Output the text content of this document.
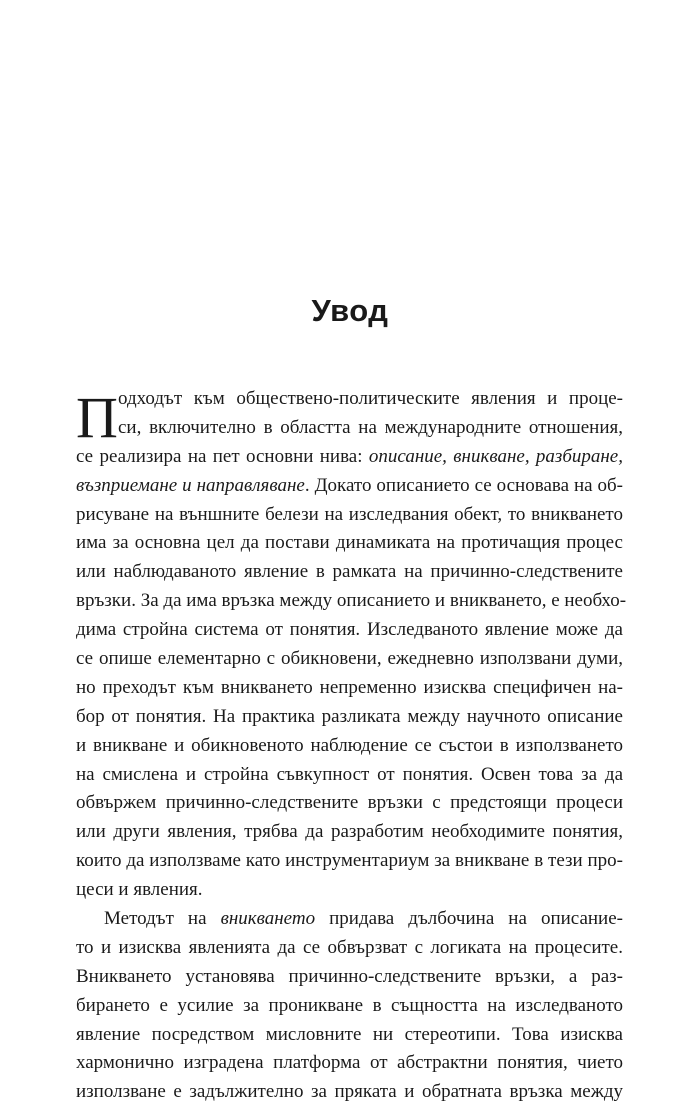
Увод
П одходът към обществено-политическите явления и проце-
си, включително в областта на международните отношения,
се реализира на пет основни нива: описание, вникване, разбиране,
възприемане и направляване. Докато описанието се основава на об-
рисуване на външните белези на изследвания обект, то вникването
има за основна цел да постави динамиката на протичащия процес
или наблюдаваното явление в рамката на причинно-следствените
връзки. За да има връзка между описанието и вникването, е необхо-
дима стройна система от понятия. Изследваното явление може да
се опише елементарно с обикновени, ежедневно използвани думи,
но преходът към вникването непременно изисква специфичен на-
бор от понятия. На практика разликата между научното описание
и вникване и обикновеното наблюдение се състои в използването
на смислена и стройна съвкупност от понятия. Освен това за да
обвържем причинно-следствените връзки с предстоящи процеси
или други явления, трябва да разработим необходимите понятия,
които да използваме като инструментариум за вникване в тези про-
цеси и явления.
Методът на вникването придава дълбочина на описание-
то и изисква явленията да се обвързват с логиката на процесите.
Вникването установява причинно-следствените връзки, а раз-
бирането е усилие за проникване в същността на изследваното
явление посредством мисловните ни стереотипи. Това изисква
хармонично изградена платформа от абстрактни понятия, чието
използване е задължително за пряката и обратната връзка между
